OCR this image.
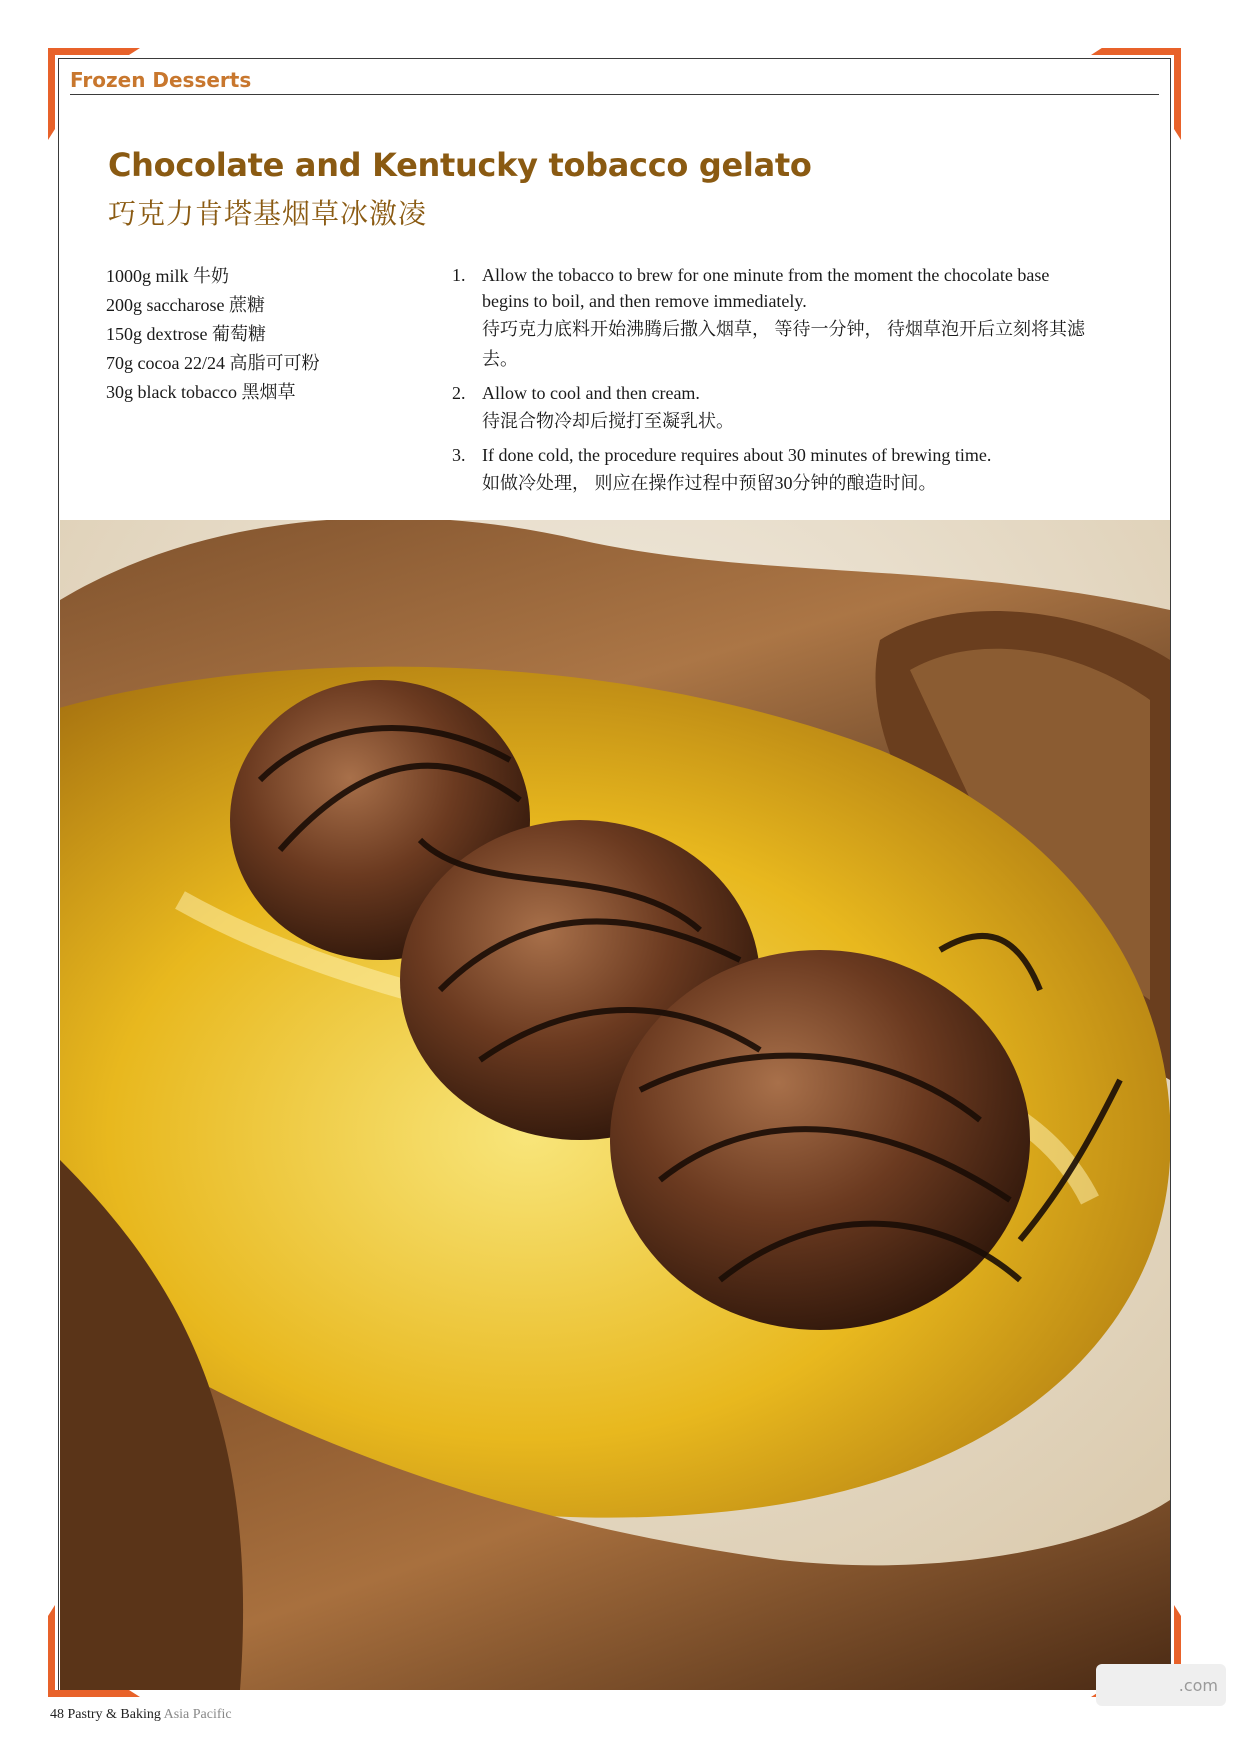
Frozen Desserts
Chocolate and Kentucky tobacco gelato
巧克力肯塔基烟草冰激凌
1000g milk 牛奶
200g saccharose 蔗糖
150g dextrose 葡萄糖
70g cocoa 22/24 高脂可可粉
30g black tobacco 黑烟草
1. Allow the tobacco to brew for one minute from the moment the chocolate base begins to boil, and then remove immediately.
待巧克力底料开始沸腾后撒入烟草， 等待一分钟， 待烟草泡开后立刻将其滤去。
2. Allow to cool and then cream.
待混合物冷却后搅打至凝乳状。
3. If done cold, the procedure requires about 30 minutes of brewing time.
如做冷处理， 则应在操作过程中预留30分钟的酿造时间。
48 Pastry & Baking Asia Pacific
.com
